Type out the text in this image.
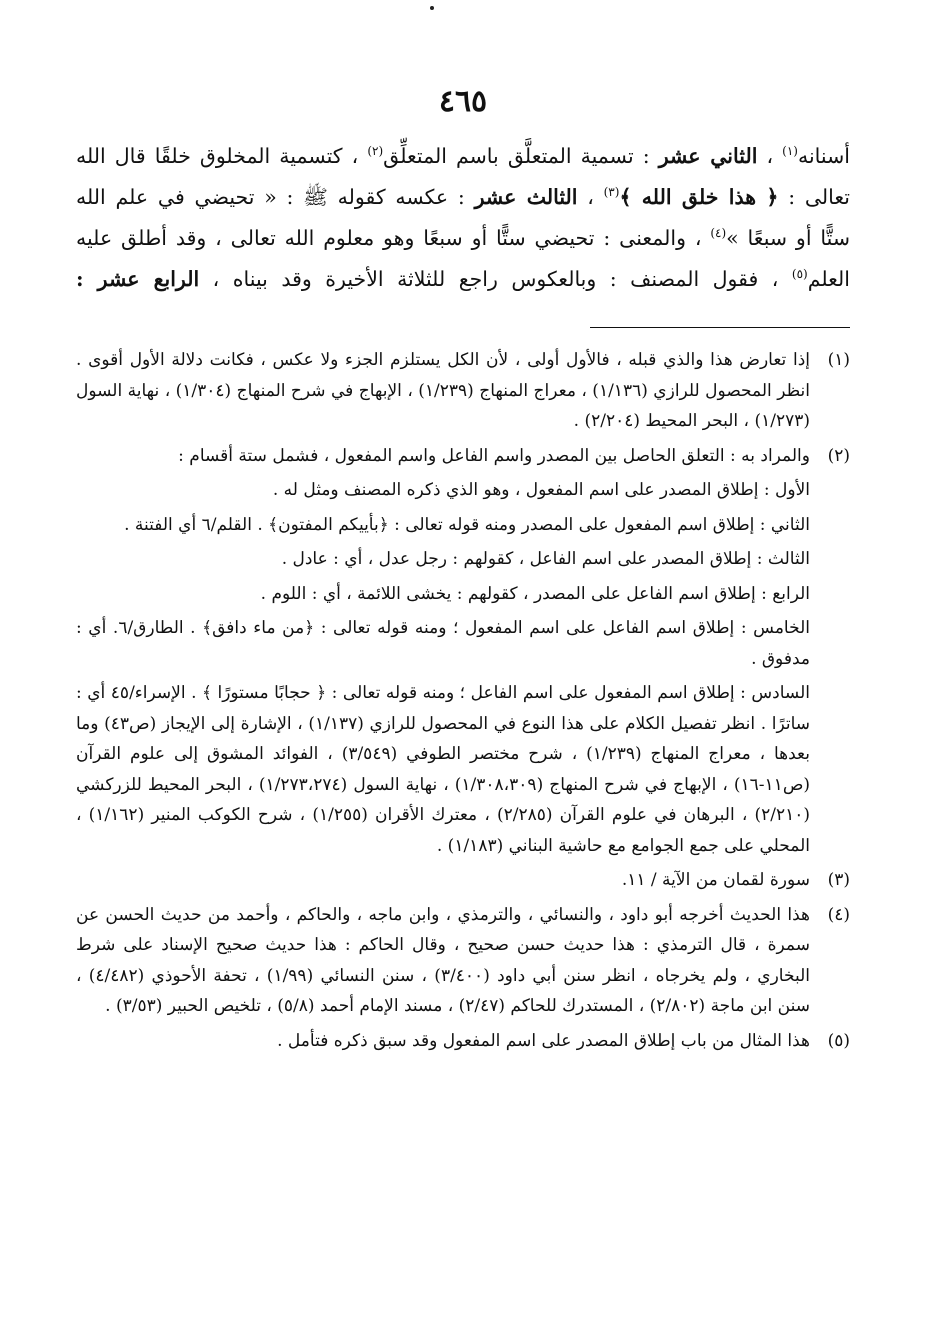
٤٦٥
أسنانه$^{(١)}$ ، الثاني عشر : تسمية المتعلَّق باسم المتعلِّق$^{(٢)}$ ، كتسمية المخلوق خلقًا قال الله
تعالى : ﴿ هذا خلق الله ﴾$^{(٣)}$ ، الثالث عشر : عكسه كقوله ﷺ : « تحيضي في علم الله
ستًّا أو سبعًا »$^{(٤)}$ ، والمعنى : تحيضي ستًّا أو سبعًا وهو معلوم الله تعالى ، وقد أطلق عليه
العلم$^{(٥)}$ ، فقول المصنف : وبالعكوس راجع للثلاثة الأخيرة وقد بيناه ، الرابع عشر :
(١)
إذا تعارض هذا والذي قبله ، فالأول أولى ، لأن الكل يستلزم الجزء ولا عكس ، فكانت دلالة الأول أقوى . انظر المحصول للرازي (١/١٣٦) ، معراج المنهاج (١/٢٣٩) ، الإبهاج في شرح المنهاج (١/٣٠٤) ، نهاية السول (١/٢٧٣) ، البحر المحيط (٢/٢٠٤) .
(٢)
والمراد به : التعلق الحاصل بين المصدر واسم الفاعل واسم المفعول ، فشمل ستة أقسام :
الأول : إطلاق المصدر على اسم المفعول ، وهو الذي ذكره المصنف ومثل له .
الثاني : إطلاق اسم المفعول على المصدر ومنه قوله تعالى : ﴿بأييكم المفتون﴾ . القلم/٦ أي الفتنة .
الثالث : إطلاق المصدر على اسم الفاعل ، كقولهم : رجل عدل ، أي : عادل .
الرابع : إطلاق اسم الفاعل على المصدر ، كقولهم : يخشى اللائمة ، أي : اللوم .
الخامس : إطلاق اسم الفاعل على اسم المفعول ؛ ومنه قوله تعالى : ﴿من ماء دافق﴾ . الطارق/٦. أي : مدفوق .
السادس : إطلاق اسم المفعول على اسم الفاعل ؛ ومنه قوله تعالى : ﴿ حجابًا مستورًا ﴾ . الإسراء/٤٥ أي : ساترًا . انظر تفصيل الكلام على هذا النوع في المحصول للرازي (١/١٣٧) ، الإشارة إلى الإيجاز (ص٤٣) وما بعدها ، معراج المنهاج (١/٢٣٩) ، شرح مختصر الطوفي (٣/٥٤٩) ، الفوائد المشوق إلى علوم القرآن (ص١١-١٦) ، الإبهاج في شرح المنهاج (١/٣٠٨،٣٠٩) ، نهاية السول (١/٢٧٣،٢٧٤) ، البحر المحيط للزركشي (٢/٢١٠) ، البرهان في علوم القرآن (٢/٢٨٥) ، معترك الأقران (١/٢٥٥) ، شرح الكوكب المنير (١/١٦٢) ، المحلي على جمع الجوامع مع حاشية البناني (١/١٨٣) .
(٣)
سورة لقمان من الآية / ١١.
(٤)
هذا الحديث أخرجه أبو داود ، والنسائي ، والترمذي ، وابن ماجه ، والحاكم ، وأحمد من حديث الحسن عن سمرة ، قال الترمذي : هذا حديث حسن صحيح ، وقال الحاكم : هذا حديث صحيح الإسناد على شرط البخاري ، ولم يخرجاه ، انظر سنن أبي داود (٣/٤٠٠) ، سنن النسائي (١/٩٩) ، تحفة الأحوذي (٤/٤٨٢) ، سنن ابن ماجة (٢/٨٠٢) ، المستدرك للحاكم (٢/٤٧) ، مسند الإمام أحمد (٥/٨) ، تلخيص الحبير (٣/٥٣) .
(٥)
هذا المثال من باب إطلاق المصدر على اسم المفعول وقد سبق ذكره فتأمل .
